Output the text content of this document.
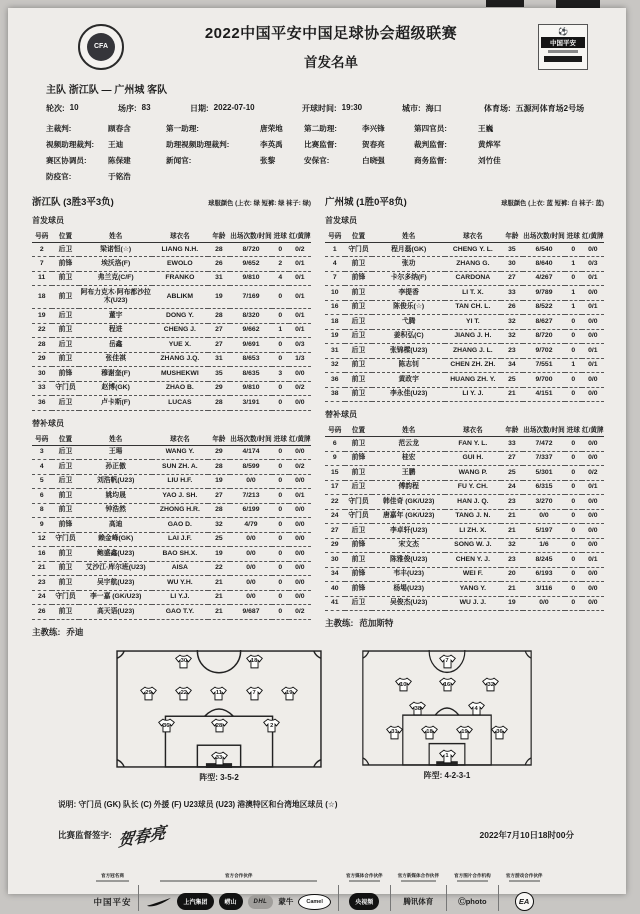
CFA
2022中国平安中国足球协会超级联赛
首发名单
⚽
中国平安
主队 浙江队 — 广州城 客队
轮次: 10	场序: 83	日期: 2022-07-10	开球时间: 19:30	城市: 海口	体育场: 五源河体育场2号场
主裁判:	顾春含	第一助理:	唐荣地	第二助理:	李兴锋	第四官员:	王巍
视频助理裁判:	王迪	助理视频助理裁判:	李英禹	比赛监督:	贺春亮	裁判监督:	黄烨军
赛区协调员:	陈保建	新闻官:	张黎	安保官:	白晓强	商务监督:	刘竹佳
防疫官:	于铭浩
浙江队 (3胜3平3负)	球服颜色 (上衣: 绿 短裤: 绿 袜子: 绿)
首发球员
号码	位置	姓名	球衣名	年龄	出场次数/时间	进球	红/黄牌
2	后卫	梁诺恒(☆)	LIANG N.H.	28	8/720	0	0/2
7	前锋	埃沃洛(F)	EWOLO	26	9/652	2	0/1
11	前卫	弗兰克(C/F)	FRANKO	31	9/810	4	0/1
18	前卫	阿布力克木·阿布都沙拉木(U23)	ABLIKM	19	7/169	0	0/1
19	后卫	董宇	DONG Y.	28	8/320	0	0/1
22	前卫	程进	CHENG J.	27	9/662	1	0/1
28	后卫	岳鑫	YUE X.	27	9/691	0	0/3
29	前卫	张佳祺	ZHANG J.Q.	31	8/653	0	1/3
30	前锋	穆谢奎(F)	MUSHEKWI	35	8/635	3	0/0
33	守门员	赵博(GK)	ZHAO B.	29	9/810	0	0/2
36	后卫	卢卡斯(F)	LUCAS	28	3/191	0	0/0
替补球员
号码	位置	姓名	球衣名	年龄	出场次数/时间	进球	红/黄牌
3	后卫	王瑒	WANG Y.	29	4/174	0	0/0
4	后卫	孙正傲	SUN ZH. A.	28	8/599	0	0/2
5	后卫	刘浩帆(U23)	LIU H.F.	19	0/0	0	0/0
6	前卫	姚均晟	YAO J. SH.	27	7/213	0	0/1
8	前卫	钟浩然	ZHONG H.R.	28	6/199	0	0/0
9	前锋	高迪	GAO D.	32	4/79	0	0/0
12	守门员	赖金峰(GK)	LAI J.F.	25	0/0	0	0/0
16	前卫	鲍盛鑫(U23)	BAO SH.X.	19	0/0	0	0/0
21	前卫	艾沙江·库尔班(U23)	AISA	22	0/0	0	0/0
23	前卫	吴宇航(U23)	WU Y.H.	21	0/0	0	0/0
24	守门员	李一嘉 (GK/U23)	LI Y.J.	21	0/0	0	0/0
26	前卫	高天语(U23)	GAO T.Y.	21	9/687	0	0/2
主教练: 乔迪
广州城 (1胜0平8负)	球服颜色 (上衣: 蓝 短裤: 白 袜子: 蓝)
首发球员
号码	位置	姓名	球衣名	年龄	出场次数/时间	进球	红/黄牌
1	守门员	程月磊(GK)	CHENG Y. L.	35	6/540	0	0/0
4	前卫	张功	ZHANG G.	30	8/640	1	0/3
7	前锋	卡尔多纳(F)	CARDONA	27	4/267	0	0/1
10	前卫	李提香	LI T. X.	33	9/789	1	0/0
16	前卫	陈俊乐(☆)	TAN CH. L.	26	8/522	1	0/1
18	后卫	弋腾	YI T.	32	8/627	0	0/0
19	后卫	姜积弘(C)	JIANG J. H.	32	8/720	0	0/0
31	后卫	张锦樑(U23)	ZHANG J. L.	23	9/702	0	0/1
32	前卫	陈志钊	CHEN ZH. ZH.	34	7/551	1	0/1
36	前卫	黄政宇	HUANG ZH. Y.	25	9/700	0	0/0
38	前卫	李永佳(U23)	LI Y. J.	21	4/151	0	0/0
替补球员
号码	位置	姓名	球衣名	年龄	出场次数/时间	进球	红/黄牌
6	前卫	范云龙	FAN Y. L.	33	7/472	0	0/0
9	前锋	桂宏	GUI H.	27	7/337	0	0/0
15	前卫	王鹏	WANG P.	25	5/301	0	0/2
17	后卫	傅韵程	FU Y. CH.	24	6/315	0	0/1
22	守门员	韩佳奇 (GK/U23)	HAN J. Q.	23	3/270	0	0/0
24	守门员	唐嘉年 (GK/U23)	TANG J. N.	21	0/0	0	0/0
27	后卫	李卓轩(U23)	LI ZH. X.	21	5/197	0	0/0
29	前锋	宋文杰	SONG W. J.	32	1/6	0	0/0
30	前卫	陈雅俊(U23)	CHEN Y. J.	23	8/245	0	0/1
34	前锋	韦丰(U23)	WEI F.	20	6/193	0	0/0
40	前锋	杨埸(U23)	YANG Y.	21	3/116	0	0/0
41	后卫	吴俊杰(U23)	WU J. J.	19	0/0	0	0/0
主教练: 范加斯特
30	18
29	22	11	7	19
36	28	2
33
阵型: 3-5-2
7
10	16	32
38	4
31	18	19	36
1
阵型: 4-2-3-1
说明: 守门员 (GK) 队长 (C) 外援 (F) U23球员 (U23) 港澳特区和台湾地区球员 (☆)
比赛监督签字: 贺春亮	2022年7月10日18时00分
官方冠名商
中国平安
官方合作伙伴
上汽集团	崂山	DHL	蒙牛	Camel
官方媒体合作伙伴
央视频
官方新媒体合作伙伴
腾讯体育
官方图片合作机构
Ⓒphoto
官方游戏合作伙伴
EA
